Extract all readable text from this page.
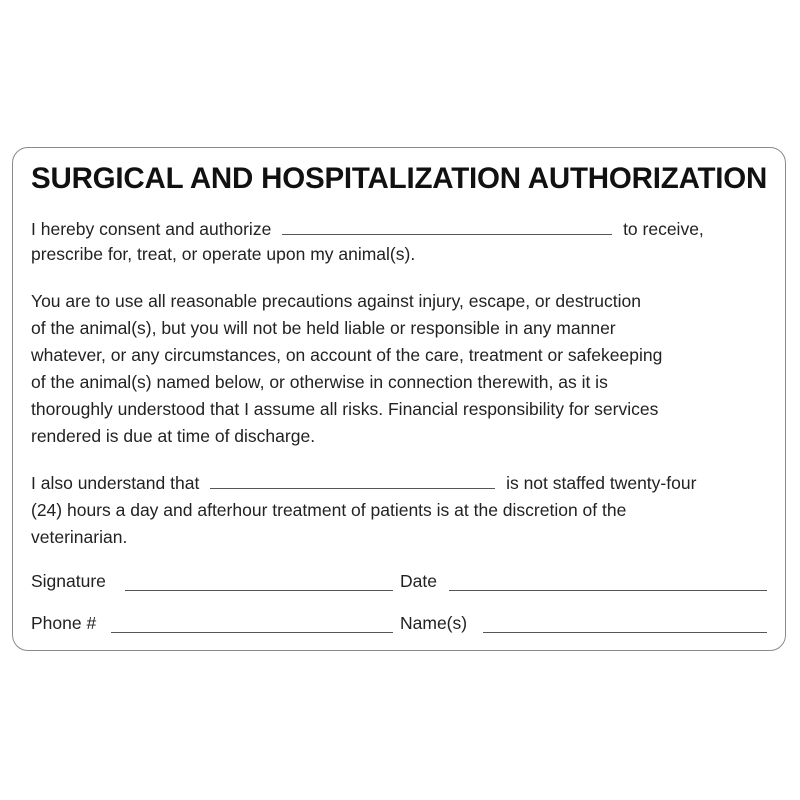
SURGICAL AND HOSPITALIZATION AUTHORIZATION
I hereby consent and authorize	to receive,
prescribe for, treat, or operate upon my animal(s).
You are to use all reasonable precautions against injury, escape, or destruction
of the animal(s), but you will not be held liable or responsible in any manner
whatever, or any circumstances, on account of the care, treatment or safekeeping
of the animal(s) named below, or otherwise in connection therewith, as it is
thoroughly understood that I assume all risks. Financial responsibility for services
rendered is due at time of discharge.
I also understand that	is not staffed twenty-four
(24) hours a day and afterhour treatment of patients is at the discretion of the
veterinarian.
Signature	Date
Phone #	Name(s)
